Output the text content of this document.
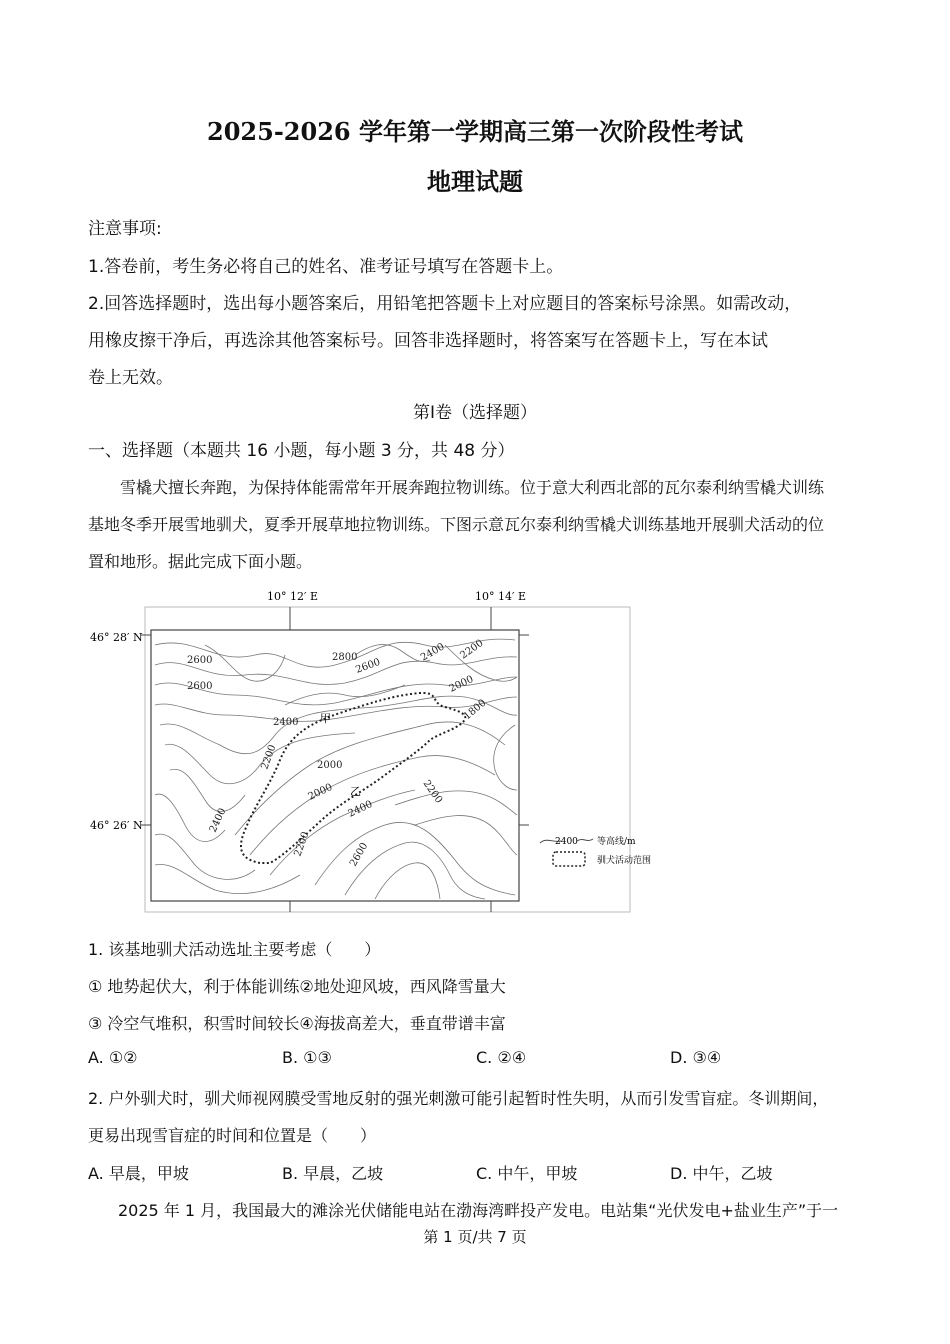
2025-2026 学年第一学期高三第一次阶段性考试
地理试题
注意事项:
1.答卷前，考生务必将自己的姓名、准考证号填写在答题卡上。
2.回答选择题时，选出每小题答案后，用铅笔把答题卡上对应题目的答案标号涂黑。如需改动，
用橡皮擦干净后，再选涂其他答案标号。回答非选择题时，将答案写在答题卡上，写在本试
卷上无效。
第Ⅰ卷（选择题）
一、选择题（本题共 16 小题，每小题 3 分，共 48 分）
雪橇犬擅长奔跑，为保持体能需常年开展奔跑拉物训练。位于意大利西北部的瓦尔泰利纳雪橇犬训练
基地冬季开展雪地驯犬，夏季开展草地拉物训练。下图示意瓦尔泰利纳雪橇犬训练基地开展驯犬活动的位
置和地形。据此完成下面小题。
10° 12′ E	10° 14′ E
46° 28′ N
46° 26′ N
2600
2600
2800
2600
2400 2200
2000
1800
2400
2200	2000
2000	2200
2400
2400
2200	2600
甲
乙
2400 等高线/m
驯犬活动范围
1. 该基地驯犬活动选址主要考虑（　　）
① 地势起伏大，利于体能训练②地处迎风坡，西风降雪量大
③ 冷空气堆积，积雪时间较长④海拔高差大，垂直带谱丰富
A. ①②	B. ①③	C. ②④	D. ③④
2. 户外驯犬时，驯犬师视网膜受雪地反射的强光刺激可能引起暂时性失明，从而引发雪盲症。冬训期间，
更易出现雪盲症的时间和位置是（　　）
A. 早晨，甲坡	B. 早晨，乙坡	C. 中午，甲坡	D. 中午，乙坡
2025 年 1 月，我国最大的滩涂光伏储能电站在渤海湾畔投产发电。电站集“光伏发电+盐业生产”于一
第 1 页/共 7 页
